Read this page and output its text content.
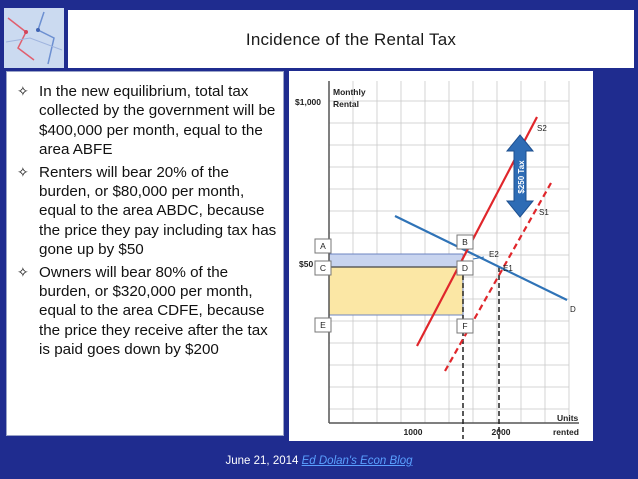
Incidence of the Rental Tax
✧ In the new equilibrium, total tax collected by the government will be $400,000 per month, equal to the area ABFE
✧ Renters will bear 20% of the burden, or $80,000 per month, equal to the area ABDC, because the price they pay including tax has gone up by $50
✧ Owners will bear 80% of the burden, or $320,000 per month, equal to the area CDFE, because the price they receive after the tax is paid goes down by $200
$250 Tax
A
C
E
B
D
F
S2
S1
D
E2
E1
$1,000
$50
Monthly
Rental
Units
rented
1000	2000
June 21, 2014 Ed Dolan's Econ Blog
